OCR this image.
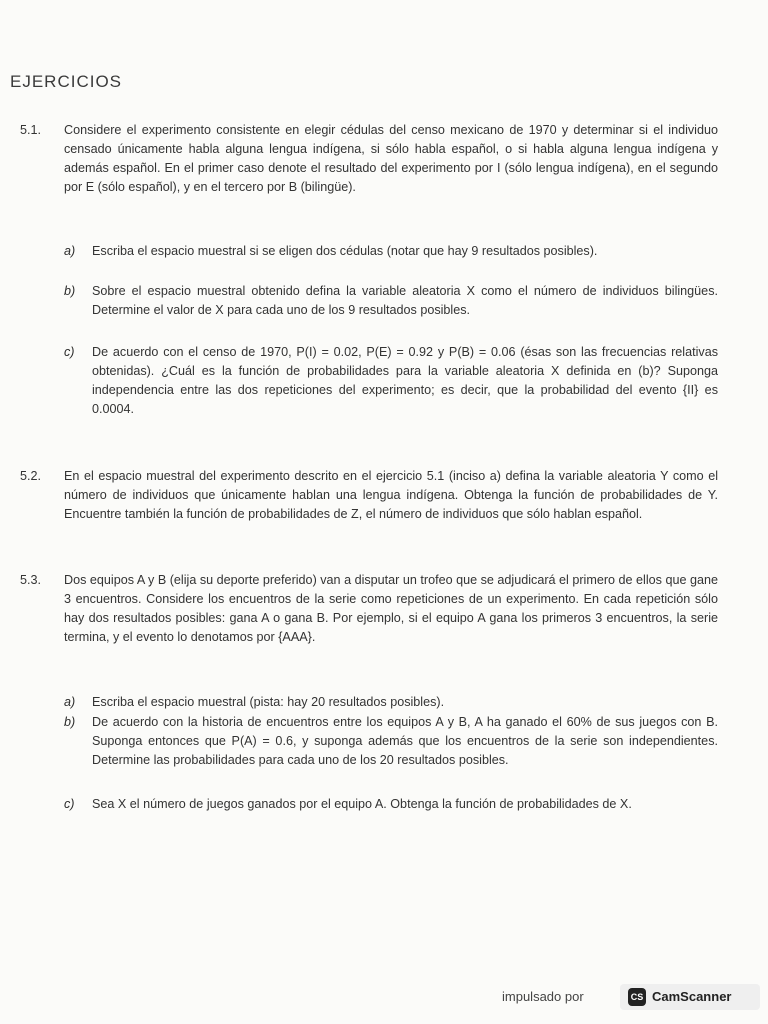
EJERCICIOS
5.1. Considere el experimento consistente en elegir cédulas del censo mexicano de 1970 y determinar si el individuo censado únicamente habla alguna lengua indígena, si sólo habla español, o si habla alguna lengua indígena y además español. En el primer caso denote el resultado del experimento por I (sólo lengua indígena), en el segundo por E (sólo español), y en el tercero por B (bilingüe).

a) Escriba el espacio muestral si se eligen dos cédulas (notar que hay 9 resultados posibles).

b) Sobre el espacio muestral obtenido defina la variable aleatoria X como el número de individuos bilingües. Determine el valor de X para cada uno de los 9 resultados posibles.

c) De acuerdo con el censo de 1970, P(I) = 0.02, P(E) = 0.92 y P(B) = 0.06 (ésas son las frecuencias relativas obtenidas). ¿Cuál es la función de probabilidades para la variable aleatoria X definida en (b)? Suponga independencia entre las dos repeticiones del experimento; es decir, que la probabilidad del evento {II} es 0.0004.

5.2. En el espacio muestral del experimento descrito en el ejercicio 5.1 (inciso a) defina la variable aleatoria Y como el número de individuos que únicamente hablan una lengua indígena. Obtenga la función de probabilidades de Y. Encuentre también la función de probabilidades de Z, el número de individuos que sólo hablan español.

5.3. Dos equipos A y B (elija su deporte preferido) van a disputar un trofeo que se adjudicará el primero de ellos que gane 3 encuentros. Considere los encuentros de la serie como repeticiones de un experimento. En cada repetición sólo hay dos resultados posibles: gana A o gana B. Por ejemplo, si el equipo A gana los primeros 3 encuentros, la serie termina, y el evento lo denotamos por {AAA}.

a) Escriba el espacio muestral (pista: hay 20 resultados posibles).

b) De acuerdo con la historia de encuentros entre los equipos A y B, A ha ganado el 60% de sus juegos con B. Suponga entonces que P(A) = 0.6, y suponga además que los encuentros de la serie son independientes. Determine las probabilidades para cada uno de los 20 resultados posibles.

c) Sea X el número de juegos ganados por el equipo A. Obtenga la función de probabilidades de X.

impulsado por	CS CamScanner
